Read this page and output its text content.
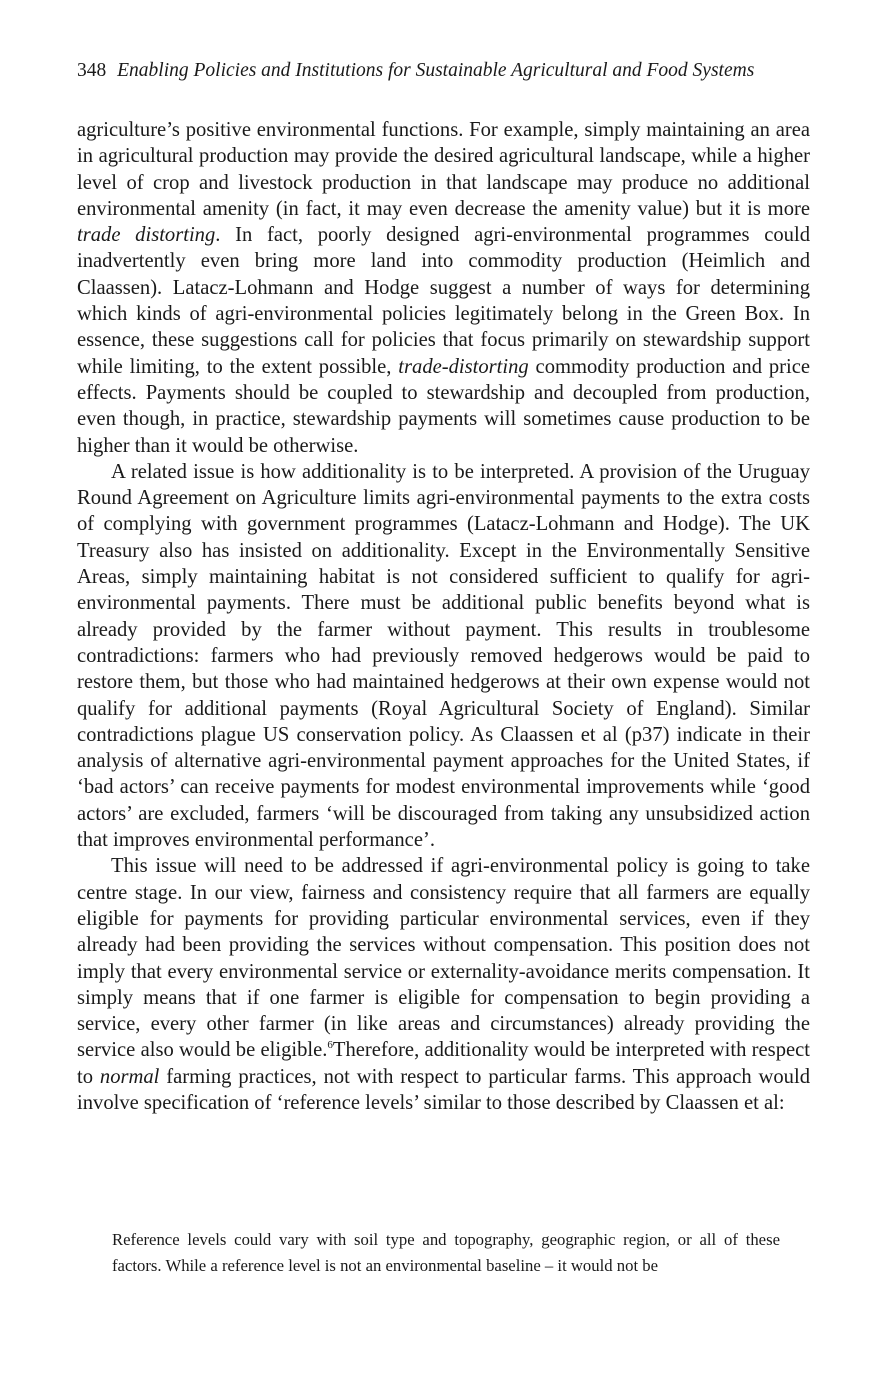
348 Enabling Policies and Institutions for Sustainable Agricultural and Food Systems

agriculture’s positive environmental functions. For example, simply maintaining an area in agricultural production may provide the desired agricultural landscape, while a higher level of crop and livestock production in that landscape may produce no additional environmental amenity (in fact, it may even decrease the amenity value) but it is more trade distorting. In fact, poorly designed agri-environmental programmes could inadvertently even bring more land into commodity production (Heimlich and Claassen). Latacz-Lohmann and Hodge suggest a number of ways for determining which kinds of agri-environmental policies legitimately belong in the Green Box. In essence, these suggestions call for policies that focus primarily on stewardship support while limiting, to the extent possible, trade-distorting commodity production and price effects. Payments should be coupled to stewardship and decoupled from production, even though, in practice, stewardship payments will sometimes cause production to be higher than it would be otherwise.

A related issue is how additionality is to be interpreted. A provision of the Uruguay Round Agreement on Agriculture limits agri-environmental payments to the extra costs of complying with government programmes (Latacz-Lohmann and Hodge). The UK Treasury also has insisted on additionality. Except in the Environmentally Sensitive Areas, simply maintaining habitat is not considered sufficient to qualify for agri-environmental payments. There must be additional public benefits beyond what is already provided by the farmer without payment. This results in troublesome contradictions: farmers who had previously removed hedgerows would be paid to restore them, but those who had maintained hedgerows at their own expense would not qualify for additional payments (Royal Agricultural Society of England). Similar contradictions plague US conservation policy. As Claassen et al (p37) indicate in their analysis of alternative agri-environmental payment approaches for the United States, if ‘bad actors’ can receive payments for modest environmental improvements while ‘good actors’ are excluded, farmers ‘will be discouraged from taking any unsubsidized action that improves environmental performance’.

This issue will need to be addressed if agri-environmental policy is going to take centre stage. In our view, fairness and consistency require that all farmers are equally eligible for payments for providing particular environmental services, even if they already had been providing the services without compensation. This position does not imply that every environmental service or externality-avoidance merits compensation. It simply means that if one farmer is eligible for compensation to begin providing a service, every other farmer (in like areas and circumstances) already providing the service also would be eligible.$^6$Therefore, additionality would be interpreted with respect to normal farming practices, not with respect to particular farms. This approach would involve specification of ‘reference levels’ similar to those described by Claassen et al:

Reference levels could vary with soil type and topography, geographic region, or all of these factors. While a reference level is not an environmental baseline – it would not be
